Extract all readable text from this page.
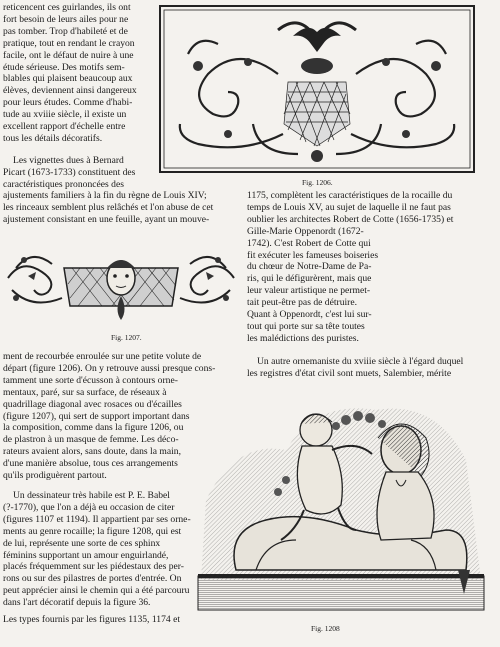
reticencent ces guirlandes, ils ont
fort besoin de leurs ailes pour ne
pas tomber. Trop d'habileté et de
pratique, tout en rendant le crayon
facile, ont le défaut de nuire à une
étude sérieuse. Des motifs sem-
blables qui plaisent beaucoup aux
élèves, deviennent ainsi dangereux
pour leurs études. Comme d'habi-
tude au xviiie siècle, il existe un
excellent rapport d'échelle entre
tous les détails décoratifs.
Fig. 1206.
Les vignettes dues à Bernard
Picart (1673-1733) constituent des
caractéristiques prononcées des
ajustements familiers à la fin du règne de Louis XIV;
les rinceaux semblent plus relâchés et l'on abuse de cet
ajustement consistant en une feuille, ayant un mouve-
1175, complètent les caractéristiques de la rocaille du
temps de Louis XV, au sujet de laquelle il ne faut pas
oublier les architectes Robert de Cotte (1656-1735) et
Gille-Marie Oppenordt (1672-
1742). C'est Robert de Cotte qui
fit exécuter les fameuses boiseries
du chœur de Notre-Dame de Pa-
ris, qui le défigurèrent, mais que
leur valeur artistique ne permet-
tait peut-être pas de détruire.
Quant à Oppenordt, c'est lui sur-
tout qui porte sur sa tête toutes
les malédictions des puristes.
Fig. 1207.
Un autre ornemaniste du xviiie siècle à l'égard duquel
les registres d'état civil sont muets, Salembier, mérite
ment de recourbée enroulée sur une petite volute de
départ (figure 1206). On y retrouve aussi presque cons-
tamment une sorte d'écusson à contours orne-
mentaux, paré, sur sa surface, de réseaux à
quadrillage diagonal avec rosaces ou d'écailles
(figure 1207), qui sert de support important dans
la composition, comme dans la figure 1206, ou
de plastron à un masque de femme. Les déco-
rateurs avaient alors, sans doute, dans la main,
d'une manière absolue, tous ces arrangements
qu'ils prodiguèrent partout.
Fig. 1208
Un dessinateur très habile est P. E. Babel
(?-1770), que l'on a déjà eu occasion de citer
(figures 1107 et 1194). Il appartient par ses orne-
ments au genre rocaille; la figure 1208, qui est
de lui, représente une sorte de ces sphinx
féminins supportant un amour enguirlandé,
placés fréquemment sur les piédestaux des per-
rons ou sur des pilastres de portes d'entrée. On
peut apprécier ainsi le chemin qui a été parcouru
dans l'art décoratif depuis la figure 36.
Les types fournis par les figures 1135, 1174 et
